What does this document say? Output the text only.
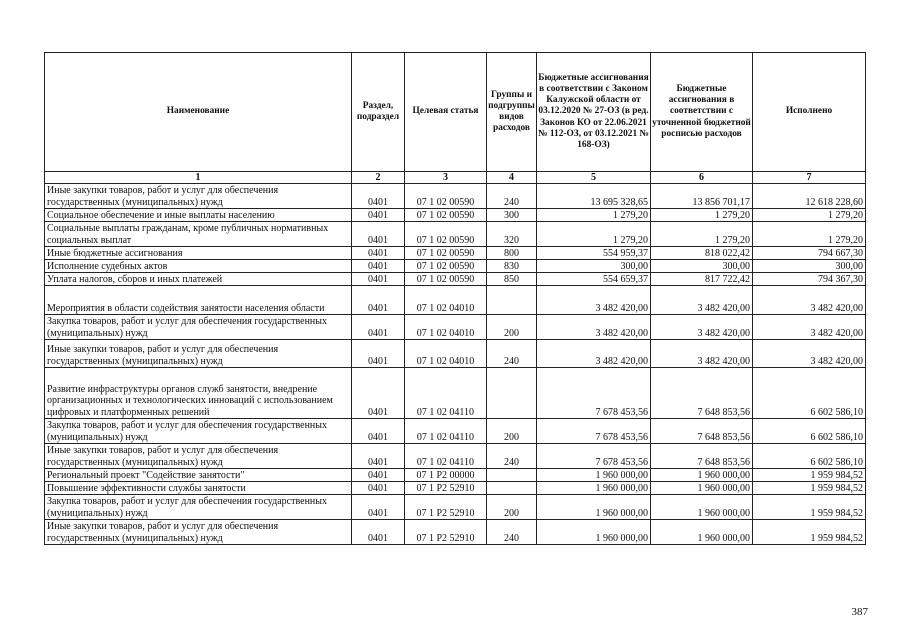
Наименование	Раздел, подраздел	Целевая статья	Группы и подгруппы видов расходов	Бюджетные ассигнования в соответствии с Законом Калужской области от 03.12.2020 № 27-ОЗ (в ред. Законов КО от 22.06.2021 № 112-ОЗ, от 03.12.2021 № 168-ОЗ)	Бюджетные ассигнования в соответствии с уточненной бюджетной росписью расходов	Исполнено
1	2	3	4	5	6	7
Иные закупки товаров, работ и услуг для обеспечения государственных (муниципальных) нужд	0401	07 1 02 00590	240	13 695 328,65	13 856 701,17	12 618 228,60
Социальное обеспечение и иные выплаты населению	0401	07 1 02 00590	300	1 279,20	1 279,20	1 279,20
Социальные выплаты гражданам, кроме публичных нормативных социальных выплат	0401	07 1 02 00590	320	1 279,20	1 279,20	1 279,20
Иные бюджетные ассигнования	0401	07 1 02 00590	800	554 959,37	818 022,42	794 667,30
Исполнение судебных актов	0401	07 1 02 00590	830	300,00	300,00	300,00
Уплата налогов, сборов и иных платежей	0401	07 1 02 00590	850	554 659,37	817 722,42	794 367,30
Мероприятия в области содействия занятости населения области	0401	07 1 02 04010		3 482 420,00	3 482 420,00	3 482 420,00
Закупка товаров, работ и услуг для обеспечения государственных (муниципальных) нужд	0401	07 1 02 04010	200	3 482 420,00	3 482 420,00	3 482 420,00
Иные закупки товаров, работ и услуг для обеспечения государственных (муниципальных) нужд	0401	07 1 02 04010	240	3 482 420,00	3 482 420,00	3 482 420,00
Развитие инфраструктуры органов служб занятости, внедрение организационных и технологических инноваций с использованием цифровых и платформенных решений	0401	07 1 02 04110		7 678 453,56	7 648 853,56	6 602 586,10
Закупка товаров, работ и услуг для обеспечения государственных (муниципальных) нужд	0401	07 1 02 04110	200	7 678 453,56	7 648 853,56	6 602 586,10
Иные закупки товаров, работ и услуг для обеспечения государственных (муниципальных) нужд	0401	07 1 02 04110	240	7 678 453,56	7 648 853,56	6 602 586,10
Региональный проект "Содействие занятости"	0401	07 1 P2 00000		1 960 000,00	1 960 000,00	1 959 984,52
Повышение эффективности службы занятости	0401	07 1 P2 52910		1 960 000,00	1 960 000,00	1 959 984,52
Закупка товаров, работ и услуг для обеспечения государственных (муниципальных) нужд	0401	07 1 P2 52910	200	1 960 000,00	1 960 000,00	1 959 984,52
Иные закупки товаров, работ и услуг для обеспечения государственных (муниципальных) нужд	0401	07 1 P2 52910	240	1 960 000,00	1 960 000,00	1 959 984,52
387
